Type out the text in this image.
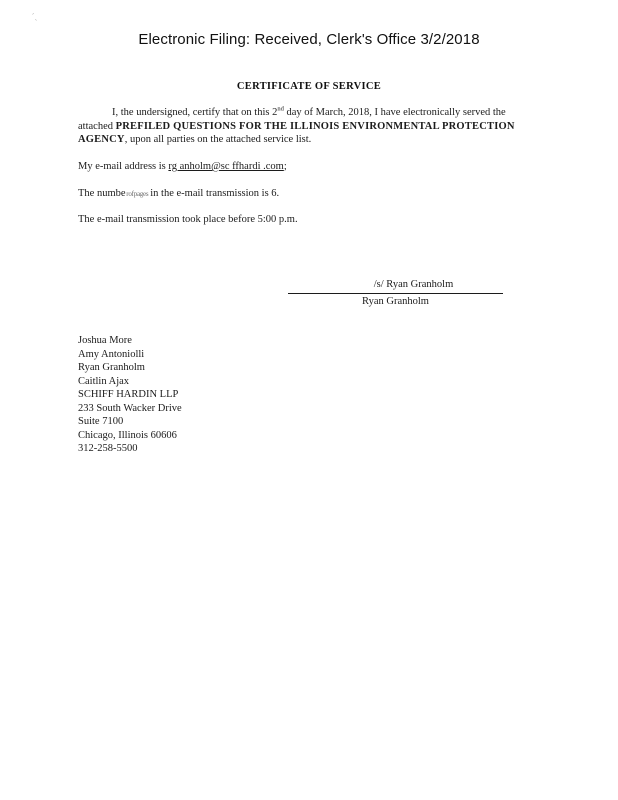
´ˎ
Electronic Filing: Received, Clerk's Office 3/2/2018
CERTIFICATE OF SERVICE
I, the undersigned, certify that on this 2nd day of March, 2018, I have electronically served the attached PREFILED QUESTIONS FOR THE ILLINOIS ENVIRONMENTAL PROTECTION AGENCY, upon all parties on the attached service list.
My e-mail address is rg anholm@sc ffhardi .com;
The numbe r o f p a g e s in the e-mail transmission is 6.
The e-mail transmission took place before 5:00 p.m.
/s/ Ryan Granholm
Ryan Granholm
Joshua More
Amy Antoniolli
Ryan Granholm
Caitlin Ajax
SCHIFF HARDIN LLP
233 South Wacker Drive
Suite 7100
Chicago, Illinois 60606
312-258-5500
